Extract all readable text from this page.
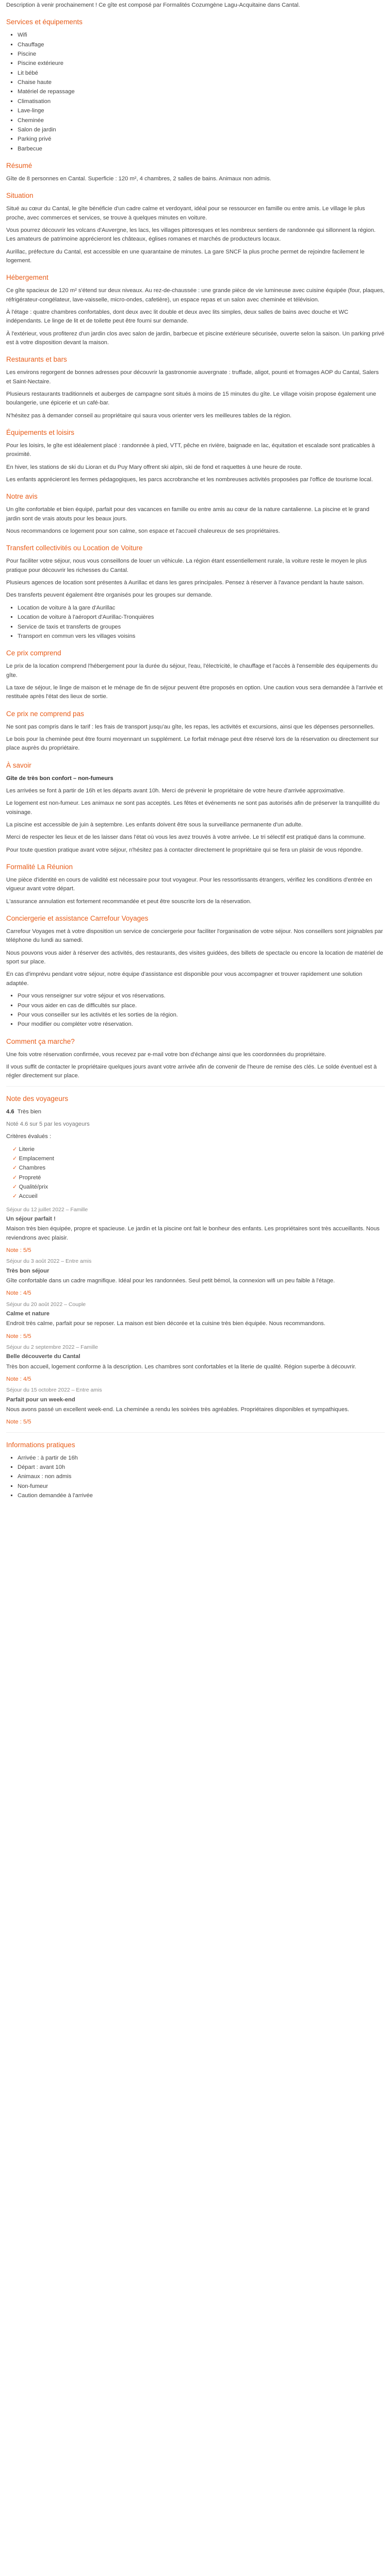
Description à venir prochainement ! Ce gîte est composé par Formalités Cozumgène Lagu-Acquitaine dans Cantal.

Services et équipements
▪ Wifi
▪ Chauffage
▪ Piscine
▪ Piscine extérieure
▪ Lit bébé
▪ Chaise haute
▪ Matériel de repassage
▪ Climatisation
▪ Lave-linge
▪ Cheminée
▪ Salon de jardin
▪ Parking privé
▪ Barbecue
Résumé

Gîte de 8 personnes en Cantal. Superficie : 120 m², 4 chambres, 2 salles de bains. Animaux non admis.

Situation

Situé au cœur du Cantal, le gîte bénéficie d'un cadre calme et verdoyant, idéal pour se ressourcer en famille ou entre amis. Le village le plus proche, avec commerces et services, se trouve à quelques minutes en voiture.

Vous pourrez découvrir les volcans d'Auvergne, les lacs, les villages pittoresques et les nombreux sentiers de randonnée qui sillonnent la région. Les amateurs de patrimoine apprécieront les châteaux, églises romanes et marchés de producteurs locaux.

Aurillac, préfecture du Cantal, est accessible en une quarantaine de minutes. La gare SNCF la plus proche permet de rejoindre facilement le logement.

Hébergement

Ce gîte spacieux de 120 m² s'étend sur deux niveaux. Au rez-de-chaussée : une grande pièce de vie lumineuse avec cuisine équipée (four, plaques, réfrigérateur-congélateur, lave-vaisselle, micro-ondes, cafetière), un espace repas et un salon avec cheminée et télévision.

À l'étage : quatre chambres confortables, dont deux avec lit double et deux avec lits simples, deux salles de bains avec douche et WC indépendants. Le linge de lit et de toilette peut être fourni sur demande.

À l'extérieur, vous profiterez d'un jardin clos avec salon de jardin, barbecue et piscine extérieure sécurisée, ouverte selon la saison. Un parking privé est à votre disposition devant la maison.

Restaurants et bars

Les environs regorgent de bonnes adresses pour découvrir la gastronomie auvergnate : truffade, aligot, pounti et fromages AOP du Cantal, Salers et Saint-Nectaire.

Plusieurs restaurants traditionnels et auberges de campagne sont situés à moins de 15 minutes du gîte. Le village voisin propose également une boulangerie, une épicerie et un café-bar.

N'hésitez pas à demander conseil au propriétaire qui saura vous orienter vers les meilleures tables de la région.

Équipements et loisirs

Pour les loisirs, le gîte est idéalement placé : randonnée à pied, VTT, pêche en rivière, baignade en lac, équitation et escalade sont praticables à proximité.

En hiver, les stations de ski du Lioran et du Puy Mary offrent ski alpin, ski de fond et raquettes à une heure de route.

Les enfants apprécieront les fermes pédagogiques, les parcs accrobranche et les nombreuses activités proposées par l'office de tourisme local.

Notre avis

Un gîte confortable et bien équipé, parfait pour des vacances en famille ou entre amis au cœur de la nature cantalienne. La piscine et le grand jardin sont de vrais atouts pour les beaux jours.

Nous recommandons ce logement pour son calme, son espace et l'accueil chaleureux de ses propriétaires.

Transfert collectivités ou Location de Voiture

Pour faciliter votre séjour, nous vous conseillons de louer un véhicule. La région étant essentiellement rurale, la voiture reste le moyen le plus pratique pour découvrir les richesses du Cantal.

Plusieurs agences de location sont présentes à Aurillac et dans les gares principales. Pensez à réserver à l'avance pendant la haute saison.

Des transferts peuvent également être organisés pour les groupes sur demande.

▪ Location de voiture à la gare d'Aurillac
▪ Location de voiture à l'aéroport d'Aurillac-Tronquières
▪ Service de taxis et transferts de groupes
▪ Transport en commun vers les villages voisins
Ce prix comprend

Le prix de la location comprend l'hébergement pour la durée du séjour, l'eau, l'électricité, le chauffage et l'accès à l'ensemble des équipements du gîte.

La taxe de séjour, le linge de maison et le ménage de fin de séjour peuvent être proposés en option. Une caution vous sera demandée à l'arrivée et restituée après l'état des lieux de sortie.

Ce prix ne comprend pas

Ne sont pas compris dans le tarif : les frais de transport jusqu'au gîte, les repas, les activités et excursions, ainsi que les dépenses personnelles.

Le bois pour la cheminée peut être fourni moyennant un supplément. Le forfait ménage peut être réservé lors de la réservation ou directement sur place auprès du propriétaire.

À savoir

Gîte de très bon confort – non-fumeurs

Les arrivées se font à partir de 16h et les départs avant 10h. Merci de prévenir le propriétaire de votre heure d'arrivée approximative.

Le logement est non-fumeur. Les animaux ne sont pas acceptés. Les fêtes et événements ne sont pas autorisés afin de préserver la tranquillité du voisinage.

La piscine est accessible de juin à septembre. Les enfants doivent être sous la surveillance permanente d'un adulte.

Merci de respecter les lieux et de les laisser dans l'état où vous les avez trouvés à votre arrivée. Le tri sélectif est pratiqué dans la commune.

Pour toute question pratique avant votre séjour, n'hésitez pas à contacter directement le propriétaire qui se fera un plaisir de vous répondre.

Formalité La Réunion

Une pièce d'identité en cours de validité est nécessaire pour tout voyageur. Pour les ressortissants étrangers, vérifiez les conditions d'entrée en vigueur avant votre départ.

L'assurance annulation est fortement recommandée et peut être souscrite lors de la réservation.

Conciergerie et assistance Carrefour Voyages

Carrefour Voyages met à votre disposition un service de conciergerie pour faciliter l'organisation de votre séjour. Nos conseillers sont joignables par téléphone du lundi au samedi.

Nous pouvons vous aider à réserver des activités, des restaurants, des visites guidées, des billets de spectacle ou encore la location de matériel de sport sur place.

En cas d'imprévu pendant votre séjour, notre équipe d'assistance est disponible pour vous accompagner et trouver rapidement une solution adaptée.

▪ Pour vous renseigner sur votre séjour et vos réservations.
▪ Pour vous aider en cas de difficultés sur place.
▪ Pour vous conseiller sur les activités et les sorties de la région.
▪ Pour modifier ou compléter votre réservation.
Comment ça marche?

Une fois votre réservation confirmée, vous recevez par e-mail votre bon d'échange ainsi que les coordonnées du propriétaire.

Il vous suffit de contacter le propriétaire quelques jours avant votre arrivée afin de convenir de l'heure de remise des clés. Le solde éventuel est à régler directement sur place.

Note des voyageurs

4.6 Très bien

Noté 4.6 sur 5 par les voyageurs

Critères évalués :

✓ Literie
✓ Emplacement
✓ Chambres
✓ Propreté
✓ Qualité/prix
✓ Accueil

Séjour du 12 juillet 2022 – Famille

Un séjour parfait !

Maison très bien équipée, propre et spacieuse. Le jardin et la piscine ont fait le bonheur des enfants. Les propriétaires sont très accueillants. Nous reviendrons avec plaisir.

Note : 5/5

Séjour du 3 août 2022 – Entre amis

Très bon séjour

Gîte confortable dans un cadre magnifique. Idéal pour les randonnées. Seul petit bémol, la connexion wifi un peu faible à l'étage.

Note : 4/5

Séjour du 20 août 2022 – Couple

Calme et nature

Endroit très calme, parfait pour se reposer. La maison est bien décorée et la cuisine très bien équipée. Nous recommandons.

Note : 5/5

Séjour du 2 septembre 2022 – Famille

Belle découverte du Cantal

Très bon accueil, logement conforme à la description. Les chambres sont confortables et la literie de qualité. Région superbe à découvrir.

Note : 4/5

Séjour du 15 octobre 2022 – Entre amis

Parfait pour un week-end

Nous avons passé un excellent week-end. La cheminée a rendu les soirées très agréables. Propriétaires disponibles et sympathiques.

Note : 5/5

Informations pratiques
▪ Arrivée : à partir de 16h
▪ Départ : avant 10h
▪ Animaux : non admis
▪ Non-fumeur
▪ Caution demandée à l'arrivée
